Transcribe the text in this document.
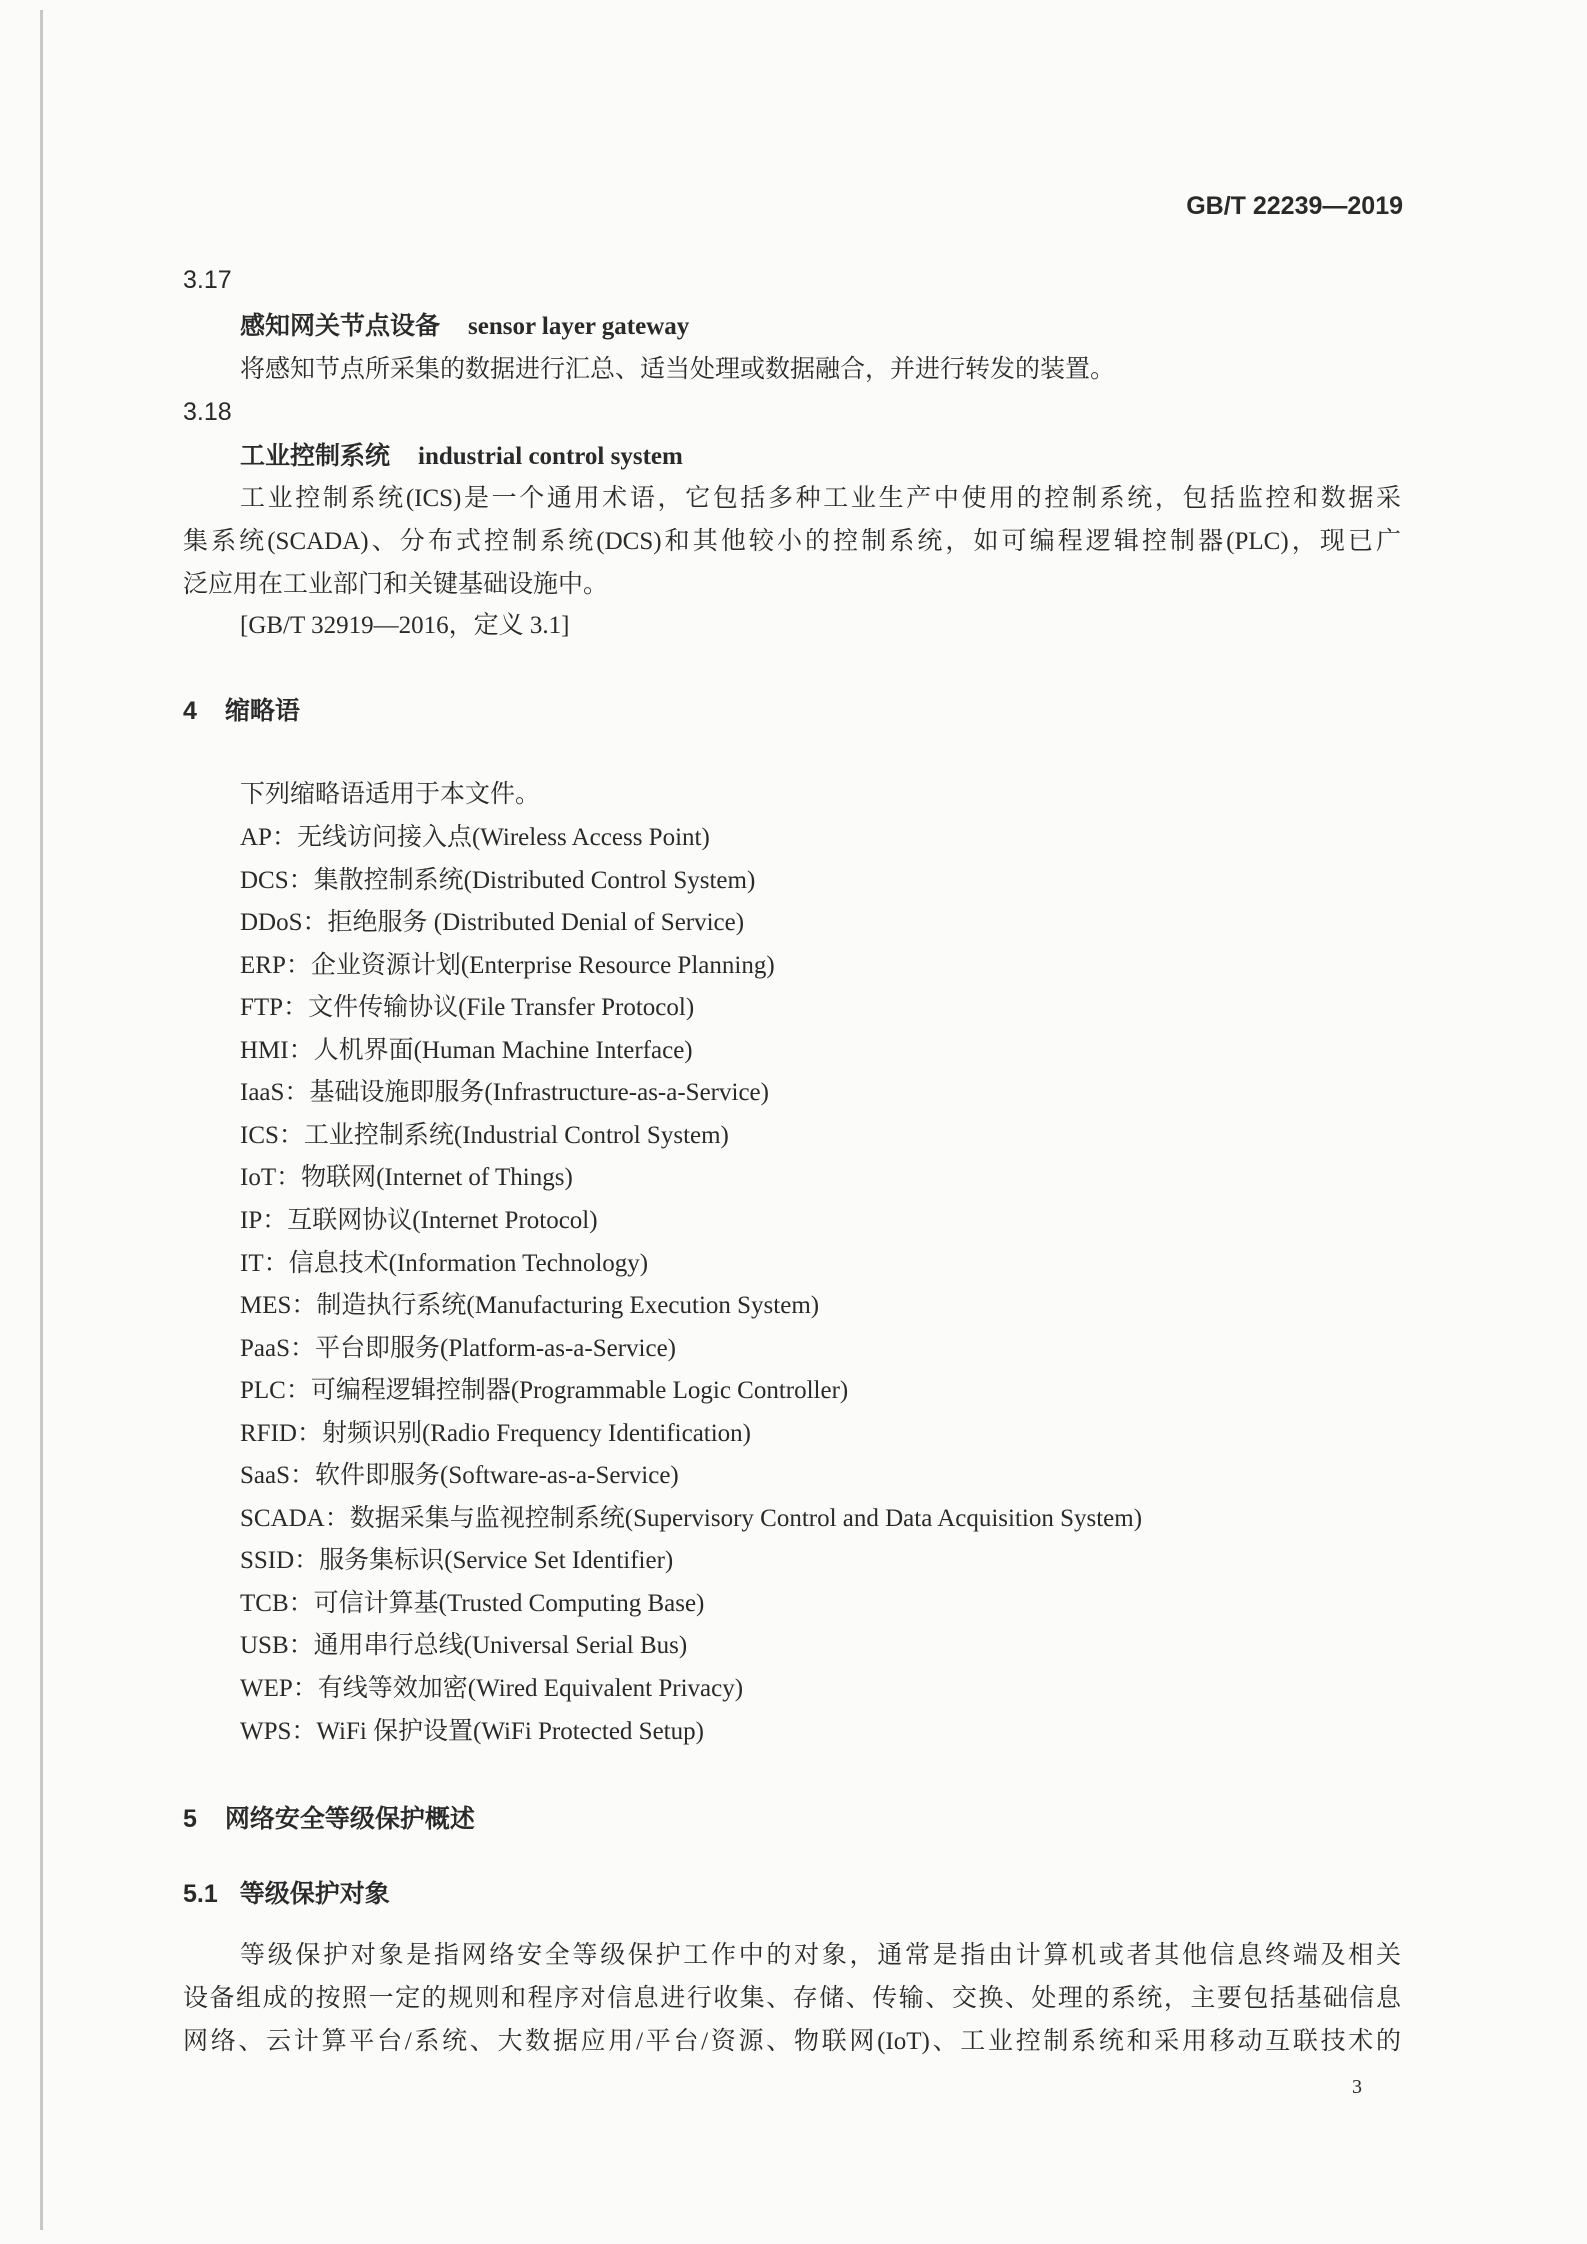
GB/T 22239—2019
3.17
感知网关节点设备 sensor layer gateway
将感知节点所采集的数据进行汇总、适当处理或数据融合，并进行转发的装置。
3.18
工业控制系统 industrial control system
工业控制系统(ICS)是一个通用术语，它包括多种工业生产中使用的控制系统，包括监控和数据采
集系统(SCADA)、分布式控制系统(DCS)和其他较小的控制系统，如可编程逻辑控制器(PLC)，现已广
泛应用在工业部门和关键基础设施中。
[GB/T 32919—2016，定义 3.1]
4 缩略语
下列缩略语适用于本文件。
AP：无线访问接入点(Wireless Access Point)
DCS：集散控制系统(Distributed Control System)
DDoS：拒绝服务 (Distributed Denial of Service)
ERP：企业资源计划(Enterprise Resource Planning)
FTP：文件传输协议(File Transfer Protocol)
HMI：人机界面(Human Machine Interface)
IaaS：基础设施即服务(Infrastructure-as-a-Service)
ICS：工业控制系统(Industrial Control System)
IoT：物联网(Internet of Things)
IP：互联网协议(Internet Protocol)
IT：信息技术(Information Technology)
MES：制造执行系统(Manufacturing Execution System)
PaaS：平台即服务(Platform-as-a-Service)
PLC：可编程逻辑控制器(Programmable Logic Controller)
RFID：射频识别(Radio Frequency Identification)
SaaS：软件即服务(Software-as-a-Service)
SCADA：数据采集与监视控制系统(Supervisory Control and Data Acquisition System)
SSID：服务集标识(Service Set Identifier)
TCB：可信计算基(Trusted Computing Base)
USB：通用串行总线(Universal Serial Bus)
WEP：有线等效加密(Wired Equivalent Privacy)
WPS：WiFi 保护设置(WiFi Protected Setup)
5 网络安全等级保护概述
5.1 等级保护对象
等级保护对象是指网络安全等级保护工作中的对象，通常是指由计算机或者其他信息终端及相关
设备组成的按照一定的规则和程序对信息进行收集、存储、传输、交换、处理的系统，主要包括基础信息
网络、云计算平台/系统、大数据应用/平台/资源、物联网(IoT)、工业控制系统和采用移动互联技术的
3
